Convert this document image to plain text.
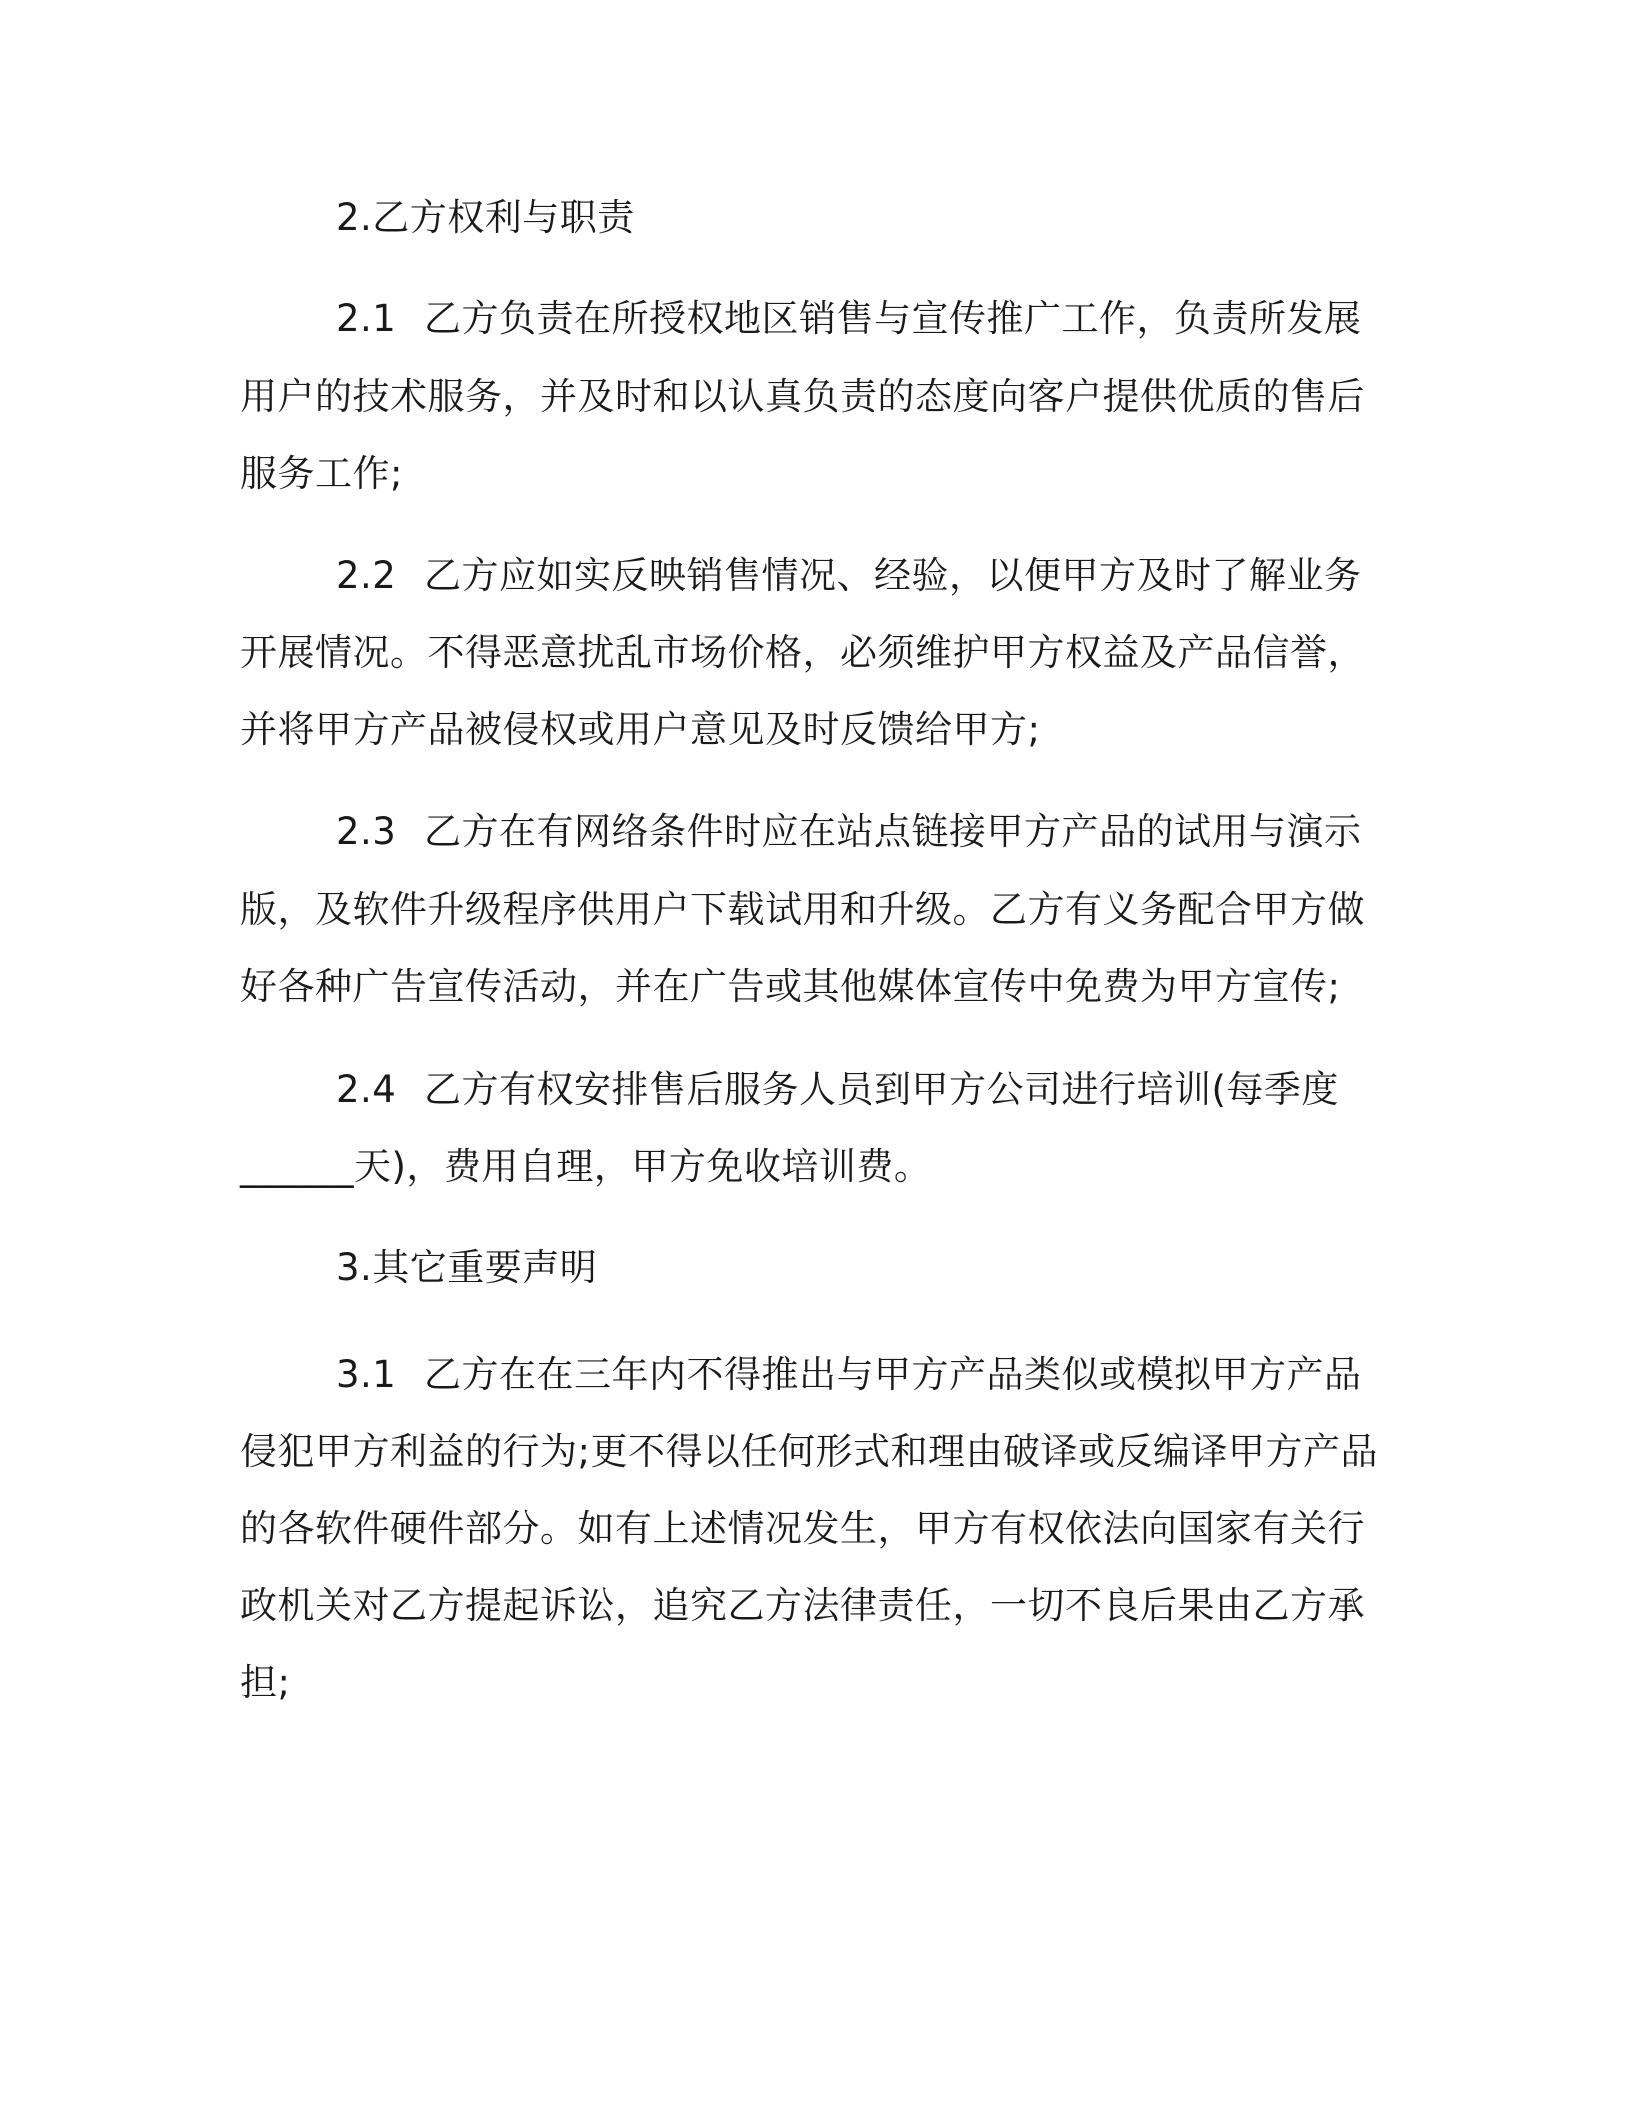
2.乙方权利与职责
2.1 乙方负责在所授权地区销售与宣传推广工作，负责所发展
用户的技术服务，并及时和以认真负责的态度向客户提供优质的售后
服务工作;
2.2 乙方应如实反映销售情况、经验，以便甲方及时了解业务
开展情况。不得恶意扰乱市场价格，必须维护甲方权益及产品信誉，
并将甲方产品被侵权或用户意见及时反馈给甲方;
2.3 乙方在有网络条件时应在站点链接甲方产品的试用与演示
版，及软件升级程序供用户下载试用和升级。乙方有义务配合甲方做
好各种广告宣传活动，并在广告或其他媒体宣传中免费为甲方宣传;
2.4 乙方有权安排售后服务人员到甲方公司进行培训(每季度
______天)，费用自理，甲方免收培训费。
3.其它重要声明
3.1 乙方在在三年内不得推出与甲方产品类似或模拟甲方产品
侵犯甲方利益的行为;更不得以任何形式和理由破译或反编译甲方产品
的各软件硬件部分。如有上述情况发生，甲方有权依法向国家有关行
政机关对乙方提起诉讼，追究乙方法律责任，一切不良后果由乙方承
担;
